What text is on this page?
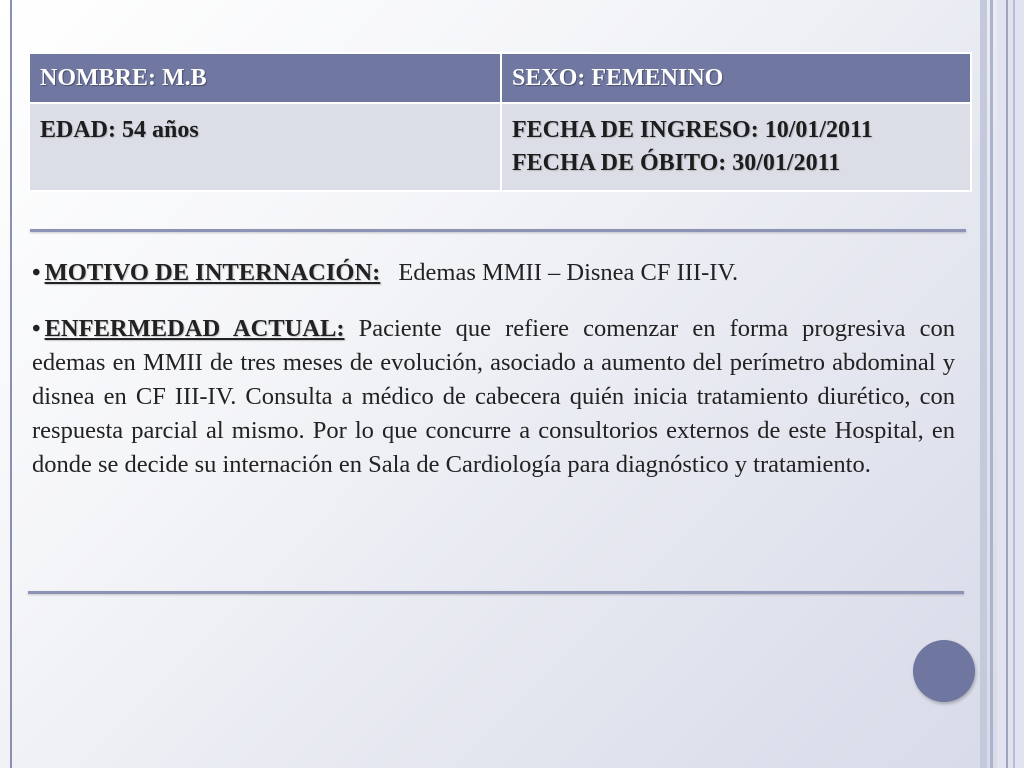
NOMBRE: M.B	SEXO: FEMENINO
EDAD: 54 años	FECHA DE INGRESO: 10/01/2011
FECHA DE ÓBITO: 30/01/2011

• MOTIVO DE INTERNACIÓN: Edemas MMII – Disnea CF III-IV.

• ENFERMEDAD ACTUAL: Paciente que refiere comenzar en forma progresiva con edemas en MMII de tres meses de evolución, asociado a aumento del perímetro abdominal y disnea en CF III-IV. Consulta a médico de cabecera quién inicia tratamiento diurético, con respuesta parcial al mismo. Por lo que concurre a consultorios externos de este Hospital, en donde se decide su internación en Sala de Cardiología para diagnóstico y tratamiento.
